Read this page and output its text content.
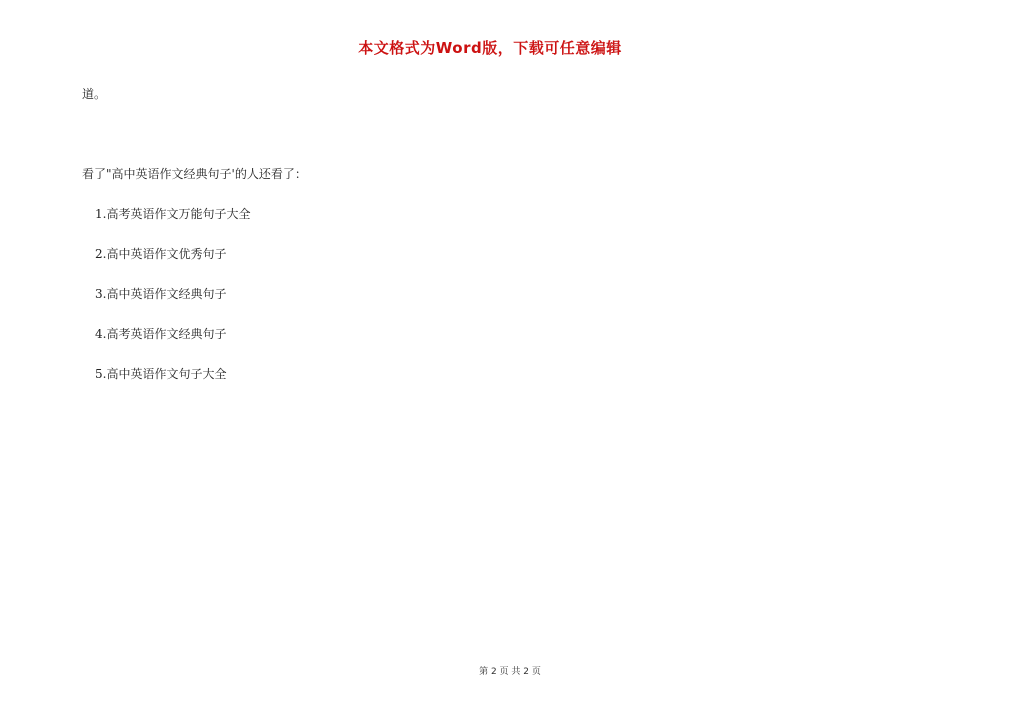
本文格式为Word版，下载可任意编辑
道。
看了"高中英语作文经典句子'的人还看了：
1.高考英语作文万能句子大全
2.高中英语作文优秀句子
3.高中英语作文经典句子
4.高考英语作文经典句子
5.高中英语作文句子大全
第 2 页 共 2 页
